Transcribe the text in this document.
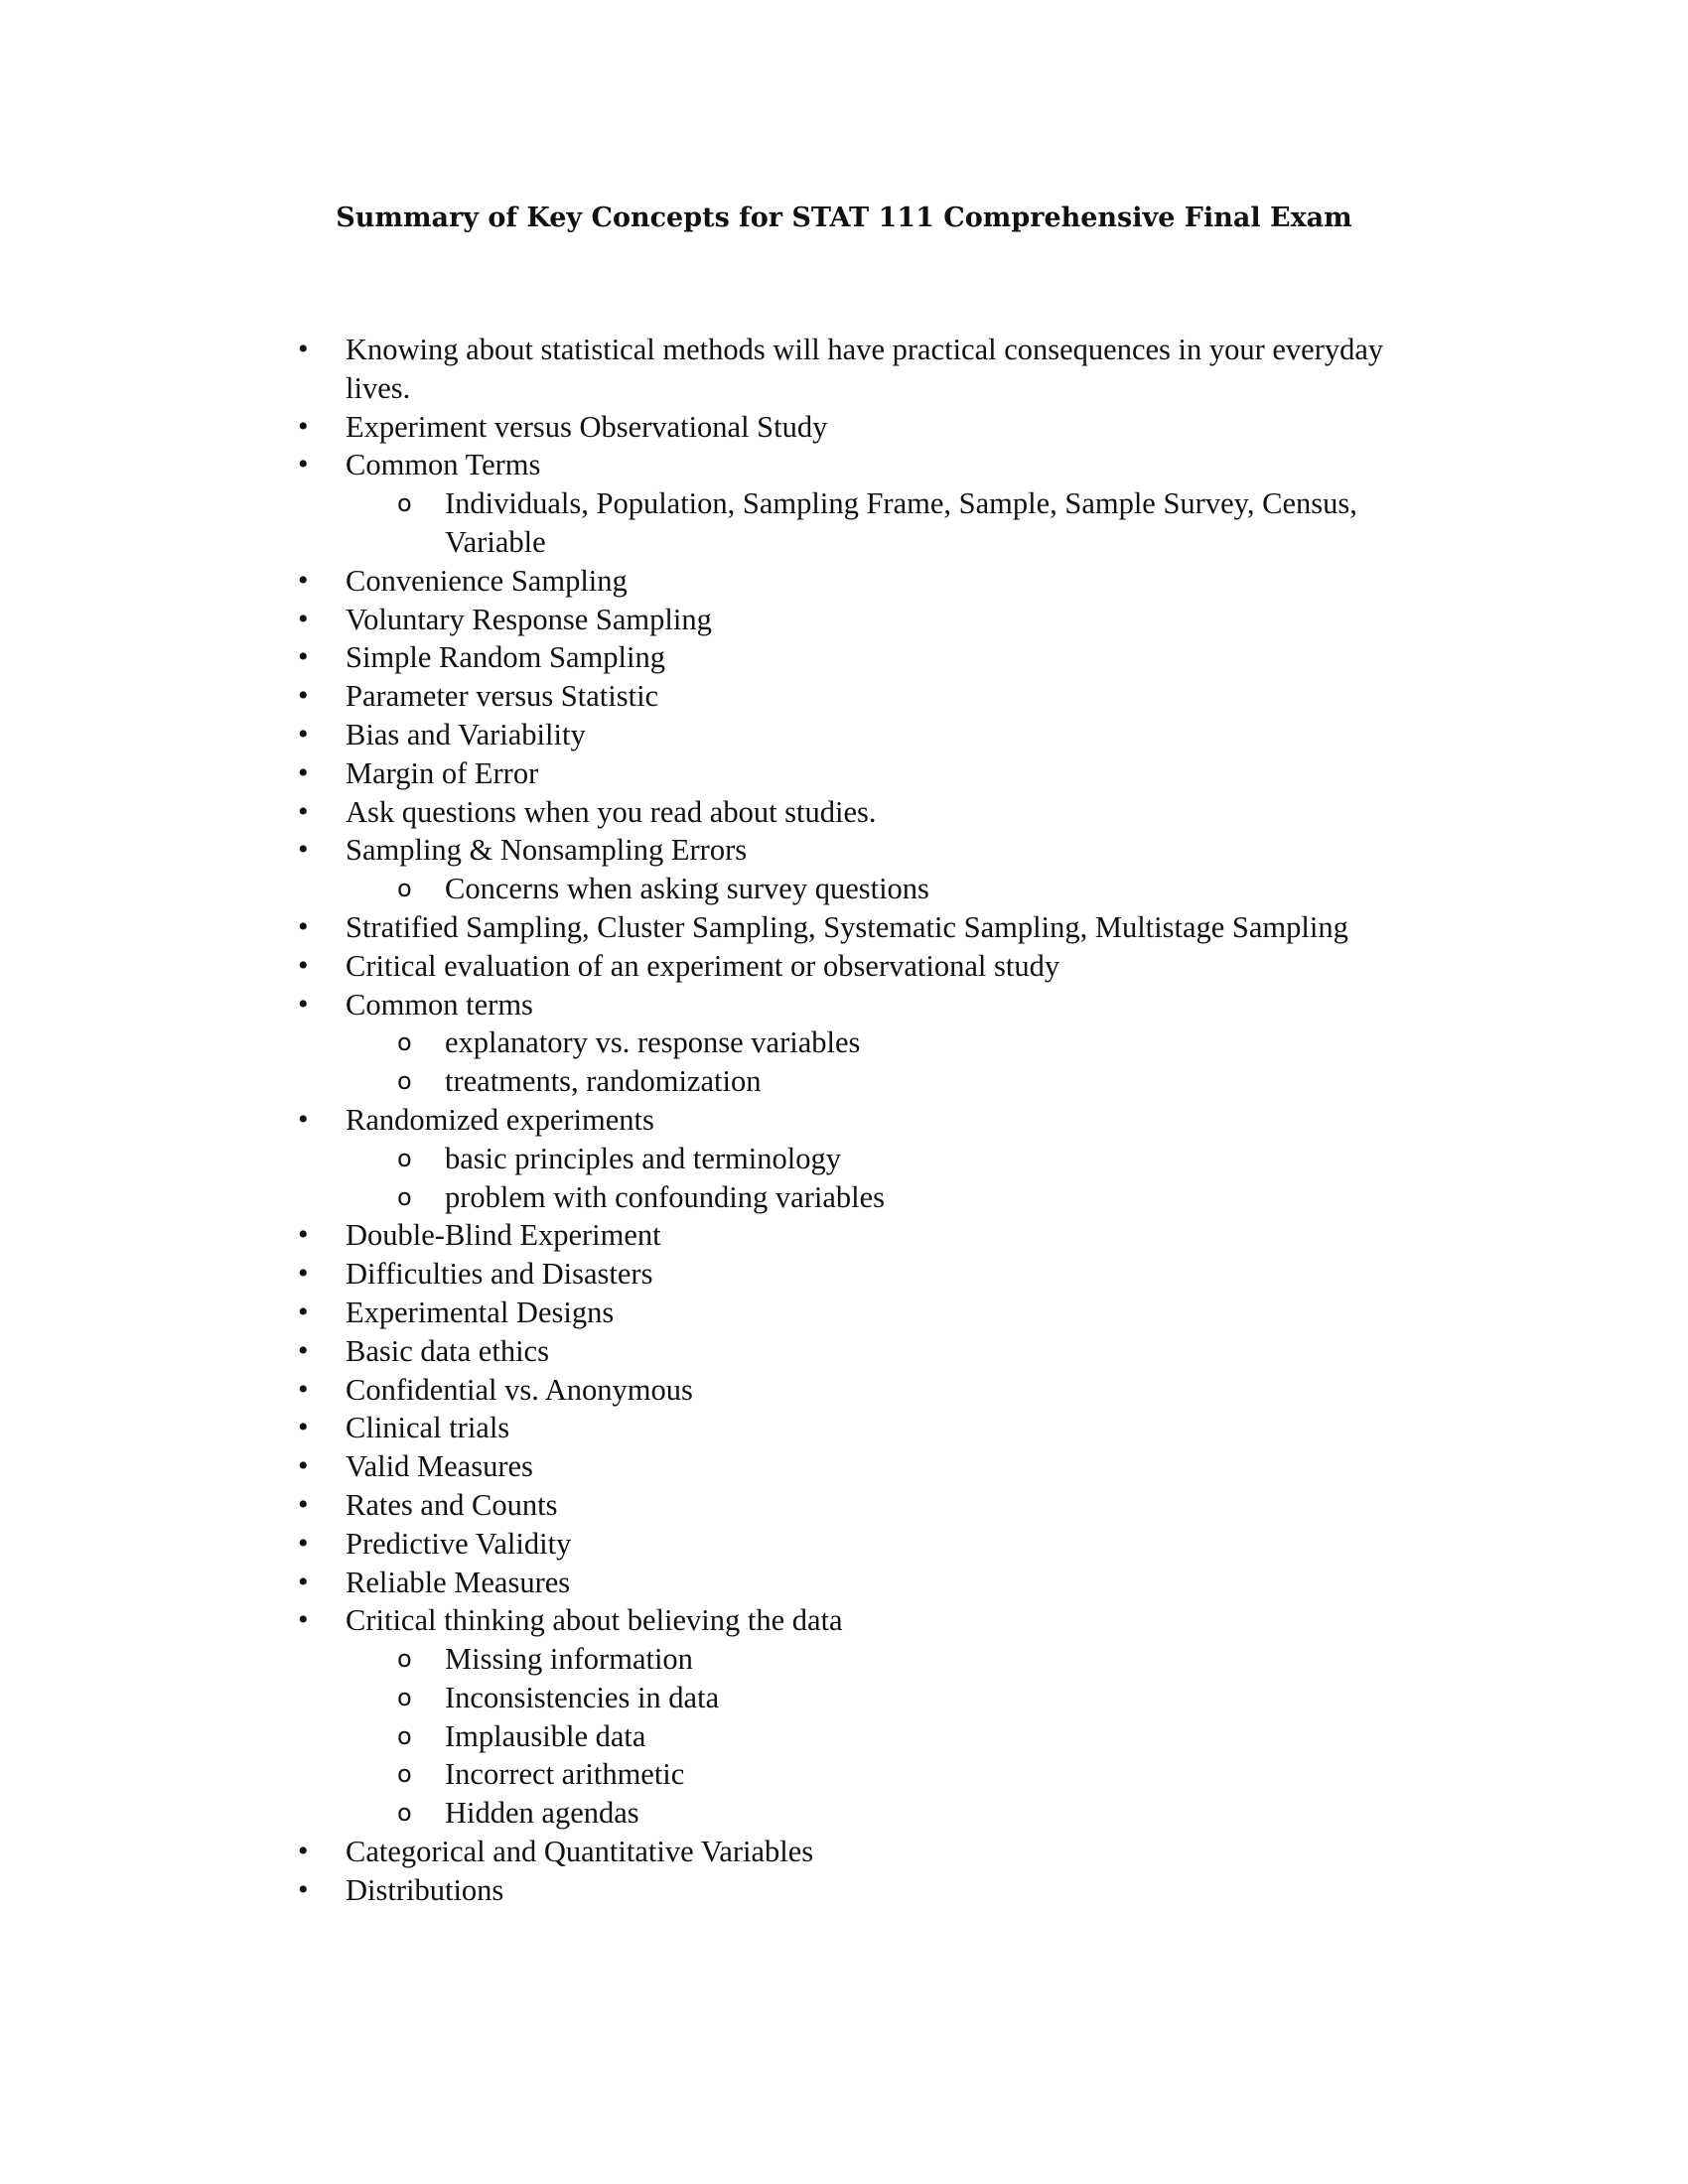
Summary of Key Concepts for STAT 111 Comprehensive Final Exam
• Knowing about statistical methods will have practical consequences in your everyday lives.
• Experiment versus Observational Study
• Common Terms
o Individuals, Population, Sampling Frame, Sample, Sample Survey, Census, Variable
• Convenience Sampling
• Voluntary Response Sampling
• Simple Random Sampling
• Parameter versus Statistic
• Bias and Variability
• Margin of Error
• Ask questions when you read about studies.
• Sampling & Nonsampling Errors
o Concerns when asking survey questions
• Stratified Sampling, Cluster Sampling, Systematic Sampling, Multistage Sampling
• Critical evaluation of an experiment or observational study
• Common terms
o explanatory vs. response variables
o treatments, randomization
• Randomized experiments
o basic principles and terminology
o problem with confounding variables
• Double-Blind Experiment
• Difficulties and Disasters
• Experimental Designs
• Basic data ethics
• Confidential vs. Anonymous
• Clinical trials
• Valid Measures
• Rates and Counts
• Predictive Validity
• Reliable Measures
• Critical thinking about believing the data
o Missing information
o Inconsistencies in data
o Implausible data
o Incorrect arithmetic
o Hidden agendas
• Categorical and Quantitative Variables
• Distributions
